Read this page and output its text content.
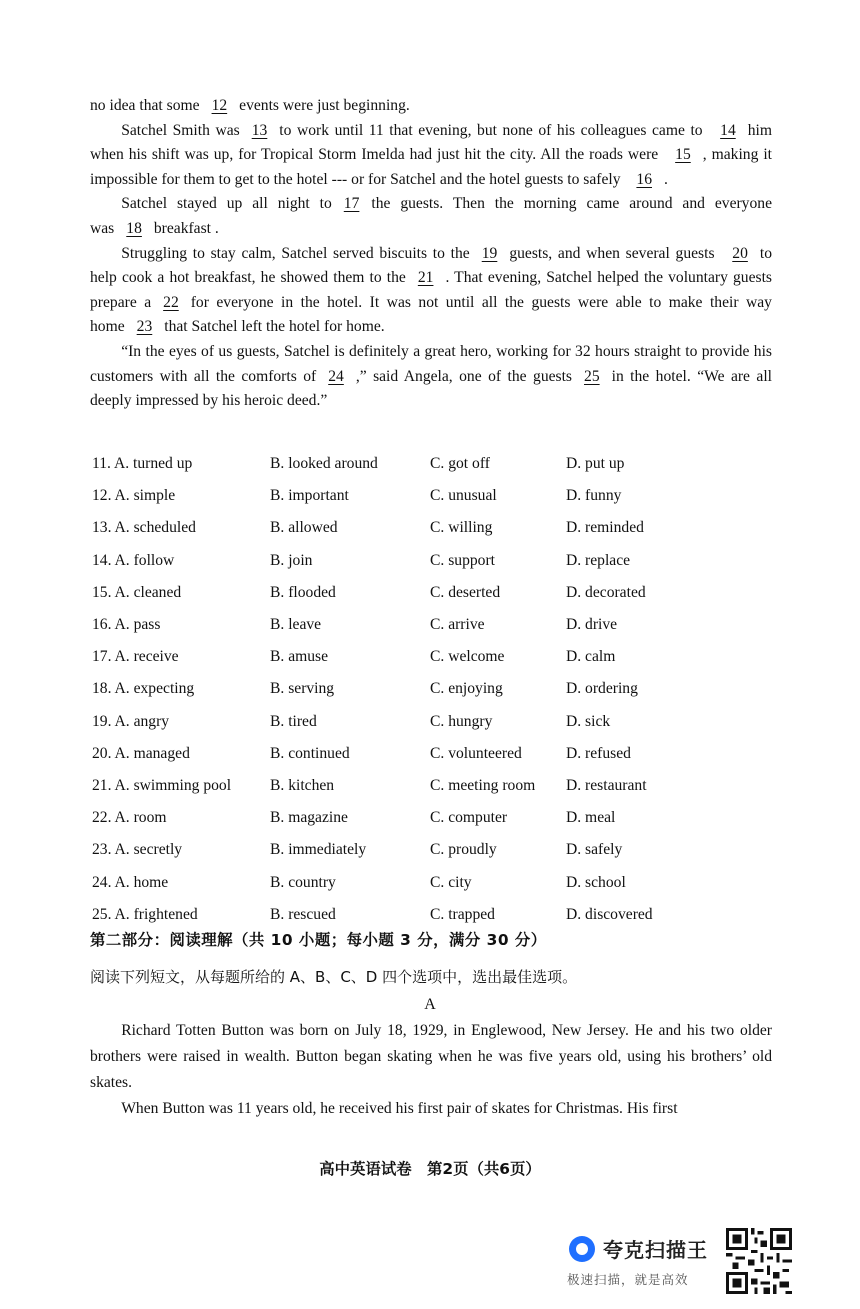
no idea that some 12 events were just beginning.

Satchel Smith was 13 to work until 11 that evening, but none of his colleagues came to 14 him when his shift was up, for Tropical Storm Imelda had just hit the city. All the roads were 15 , making it impossible for them to get to the hotel --- or for Satchel and the hotel guests to safely 16 .

Satchel stayed up all night to 17 the guests. Then the morning came around and everyone was 18 breakfast .

Struggling to stay calm, Satchel served biscuits to the 19 guests, and when several guests 20 to help cook a hot breakfast, he showed them to the 21 . That evening, Satchel helped the voluntary guests prepare a 22 for everyone in the hotel. It was not until all the guests were able to make their way home 23 that Satchel left the hotel for home.

“In the eyes of us guests, Satchel is definitely a great hero, working for 32 hours straight to provide his customers with all the comforts of 24 ,” said Angela, one of the guests 25 in the hotel. “We are all deeply impressed by his heroic deed.”

11. A. turned up	B. looked around	C. got off	D. put up
12. A. simple	B. important	C. unusual	D. funny
13. A. scheduled	B. allowed	C. willing	D. reminded
14. A. follow	B. join	C. support	D. replace
15. A. cleaned	B. flooded	C. deserted	D. decorated
16. A. pass	B. leave	C. arrive	D. drive
17. A. receive	B. amuse	C. welcome	D. calm
18. A. expecting	B. serving	C. enjoying	D. ordering
19. A. angry	B. tired	C. hungry	D. sick
20. A. managed	B. continued	C. volunteered	D. refused
21. A. swimming pool	B. kitchen	C. meeting room	D. restaurant
22. A. room	B. magazine	C. computer	D. meal
23. A. secretly	B. immediately	C. proudly	D. safely
24. A. home	B. country	C. city	D. school
25. A. frightened	B. rescued	C. trapped	D. discovered
第二部分：阅读理解（共 10 小题；每小题 3 分，满分 30 分）
阅读下列短文，从每题所给的 A、B、C、D 四个选项中，选出最佳选项。
A

Richard Totten Button was born on July 18, 1929, in Englewood, New Jersey. He and his two older brothers were raised in wealth. Button began skating when he was five years old, using his brothers’ old skates.

When Button was 11 years old, he received his first pair of skates for Christmas. His first

高中英语试卷　第2页（共6页）
夸克扫描王
极速扫描，就是高效
